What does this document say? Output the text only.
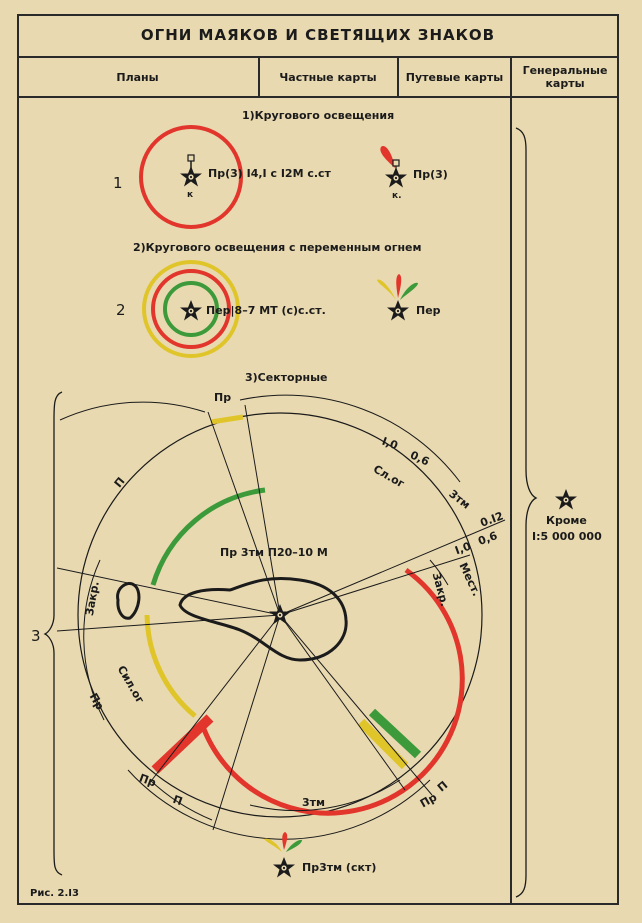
ОГНИ МАЯКОВ И СВЕТЯЩИХ ЗНАКОВ
Планы	Частные карты	Путевые карты	Генеральные карты
1)Кругового освещения
1
Пр(3) I4,I с I2М с.ст
к
Пр(3)
к.
2)Кругового освещения с переменным огнем
2	Пер|8–7 МТ (с)с.ст.	Пер
3)Секторные
3
Пр 3тм П20–10 М
Пр
П
I,0
0,6
Сл.ог
3тм
0.I2
I,0
0,6
Мест.
Закр.
Закр.
Сил.ог
Пр
Пр
П	3тм	Пр
П
Пр3тм (скт)
Кроме
I:5 000 000
Рис. 2.I3
